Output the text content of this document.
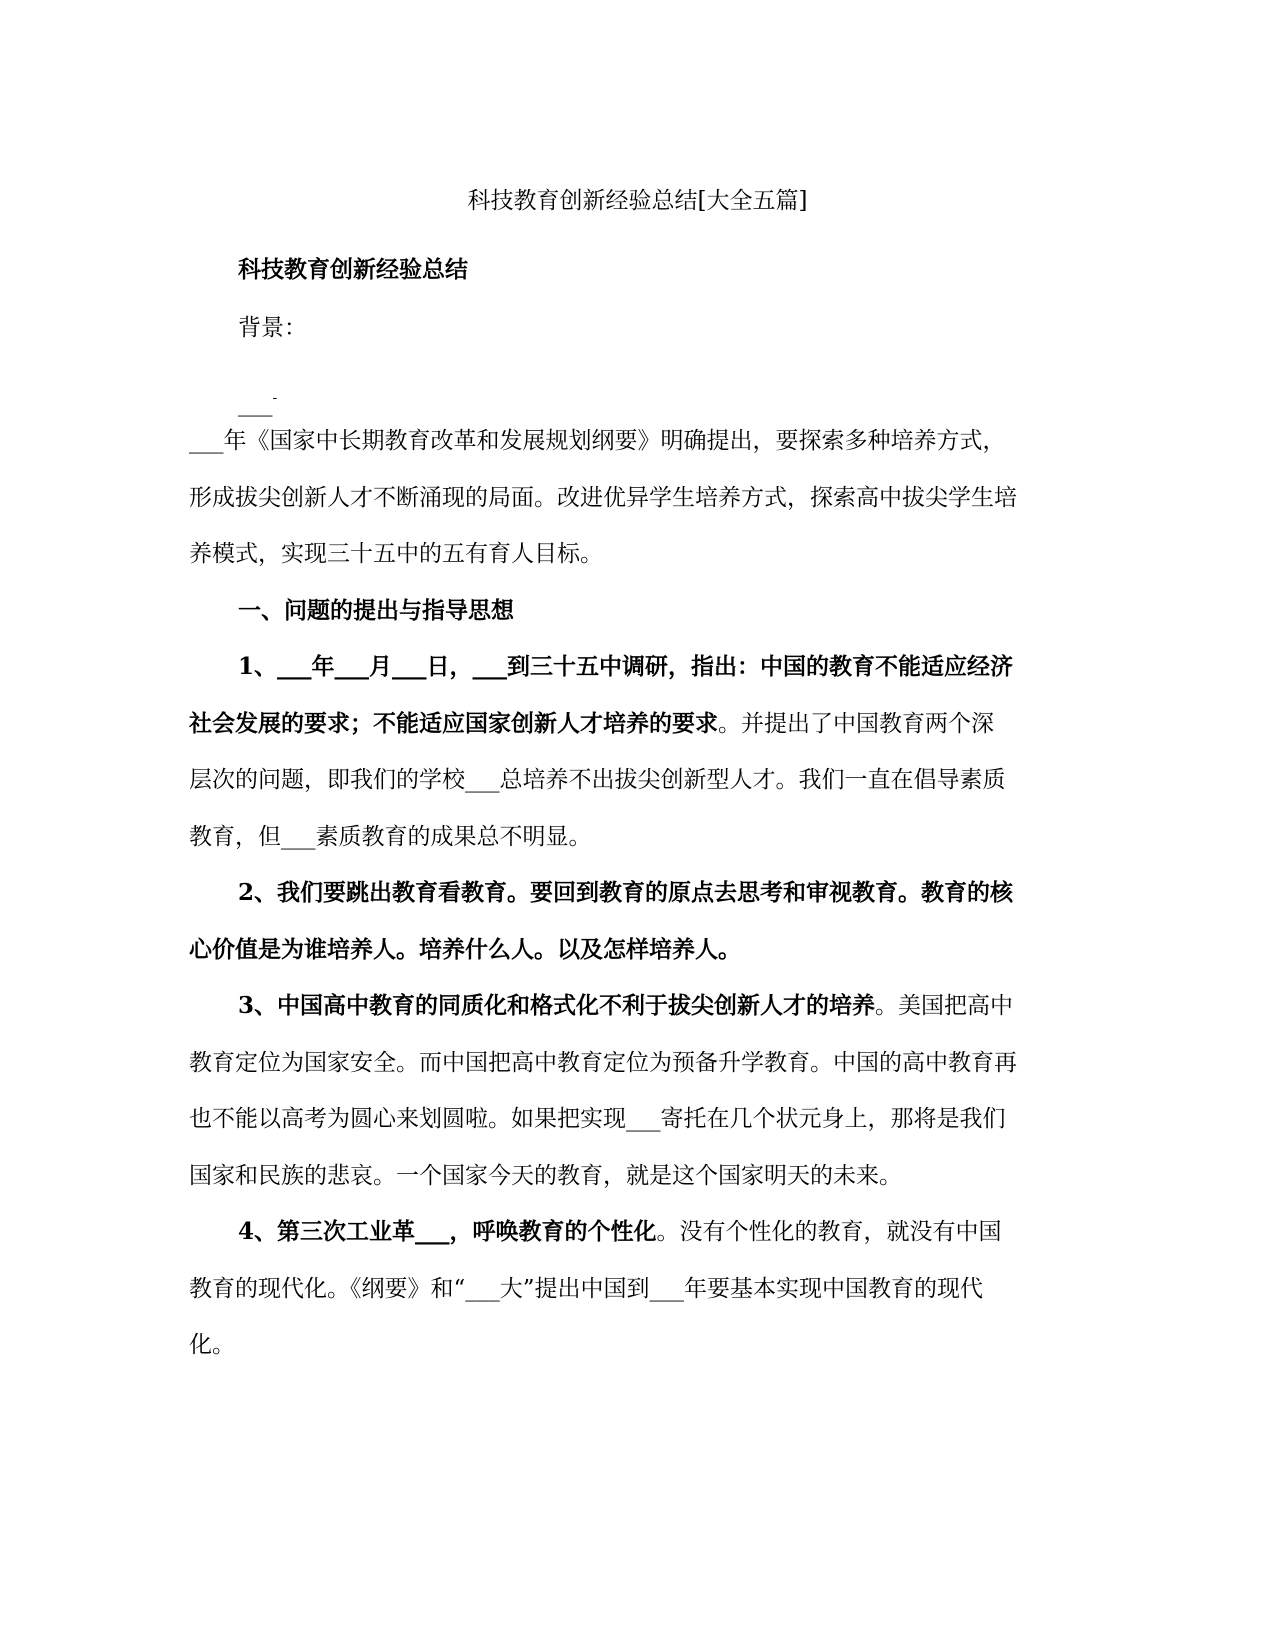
科技教育创新经验总结[大全五篇]
科技教育创新经验总结
背景：
___-
___年《国家中长期教育改革和发展规划纲要》明确提出，要探索多种培养方式，
形成拔尖创新人才不断涌现的局面。改进优异学生培养方式，探索高中拔尖学生培
养模式，实现三十五中的五有育人目标。
一、问题的提出与指导思想
1、___年___月___日，___到三十五中调研，指出：中国的教育不能适应经济
社会发展的要求；不能适应国家创新人才培养的要求。并提出了中国教育两个深
层次的问题，即我们的学校___总培养不出拔尖创新型人才。我们一直在倡导素质
教育，但___素质教育的成果总不明显。
2、我们要跳出教育看教育。要回到教育的原点去思考和审视教育。教育的核
心价值是为谁培养人。培养什么人。以及怎样培养人。
3、中国高中教育的同质化和格式化不利于拔尖创新人才的培养。美国把高中
教育定位为国家安全。而中国把高中教育定位为预备升学教育。中国的高中教育再
也不能以高考为圆心来划圆啦。如果把实现___寄托在几个状元身上，那将是我们
国家和民族的悲哀。一个国家今天的教育，就是这个国家明天的未来。
4、第三次工业革___，呼唤教育的个性化。没有个性化的教育，就没有中国
教育的现代化。《纲要》和“___大”提出中国到___年要基本实现中国教育的现代
化。
